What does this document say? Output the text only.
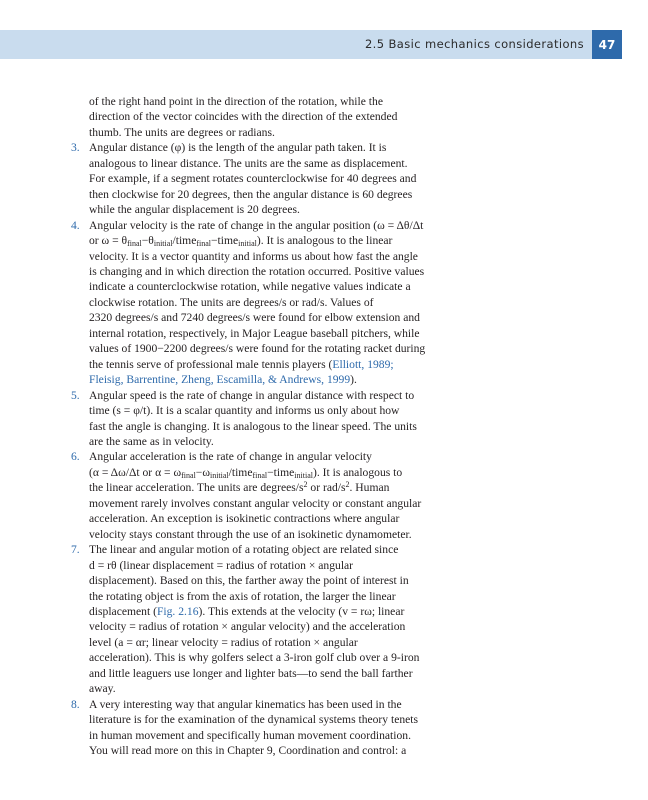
2.5 Basic mechanics considerations	47

of the right hand point in the direction of the rotation, while the
direction of the vector coincides with the direction of the extended
thumb. The units are degrees or radians.

3. Angular distance (φ) is the length of the angular path taken. It is
analogous to linear distance. The units are the same as displacement.
For example, if a segment rotates counterclockwise for 40 degrees and
then clockwise for 20 degrees, then the angular distance is 60 degrees
while the angular displacement is 20 degrees.
4. Angular velocity is the rate of change in the angular position (ω = Δθ/Δt
or $\omega = \theta_{final}-\theta_{initial}/time_{final}-time_{initial}$). It is analogous to the linear
velocity. It is a vector quantity and informs us about how fast the angle
is changing and in which direction the rotation occurred. Positive values
indicate a counterclockwise rotation, while negative values indicate a
clockwise rotation. The units are degrees/s or rad/s. Values of
2320 degrees/s and 7240 degrees/s were found for elbow extension and
internal rotation, respectively, in Major League baseball pitchers, while
values of 1900−2200 degrees/s were found for the rotating racket during
the tennis serve of professional male tennis players (Elliott, 1989;
Fleisig, Barrentine, Zheng, Escamilla, & Andrews, 1999).
5. Angular speed is the rate of change in angular distance with respect to
time (s = φ/t). It is a scalar quantity and informs us only about how
fast the angle is changing. It is analogous to the linear speed. The units
are the same as in velocity.
6. Angular acceleration is the rate of change in angular velocity
(α = Δω/Δt or $\alpha = \omega_{final}-\omega_{initial}/time_{final}-time_{initial}$). It is analogous to
the linear acceleration. The units are degrees/$s^2$ or rad/$s^2$. Human
movement rarely involves constant angular velocity or constant angular
acceleration. An exception is isokinetic contractions where angular
velocity stays constant through the use of an isokinetic dynamometer.
7. The linear and angular motion of a rotating object are related since
d = rθ (linear displacement = radius of rotation × angular
displacement). Based on this, the farther away the point of interest in
the rotating object is from the axis of rotation, the larger the linear
displacement (Fig. 2.16). This extends at the velocity (v = rω; linear
velocity = radius of rotation × angular velocity) and the acceleration
level (a = αr; linear velocity = radius of rotation × angular
acceleration). This is why golfers select a 3-iron golf club over a 9-iron
and little leaguers use longer and lighter bats—to send the ball farther
away.
8. A very interesting way that angular kinematics has been used in the
literature is for the examination of the dynamical systems theory tenets
in human movement and specifically human movement coordination.
You will read more on this in Chapter 9, Coordination and control: a
